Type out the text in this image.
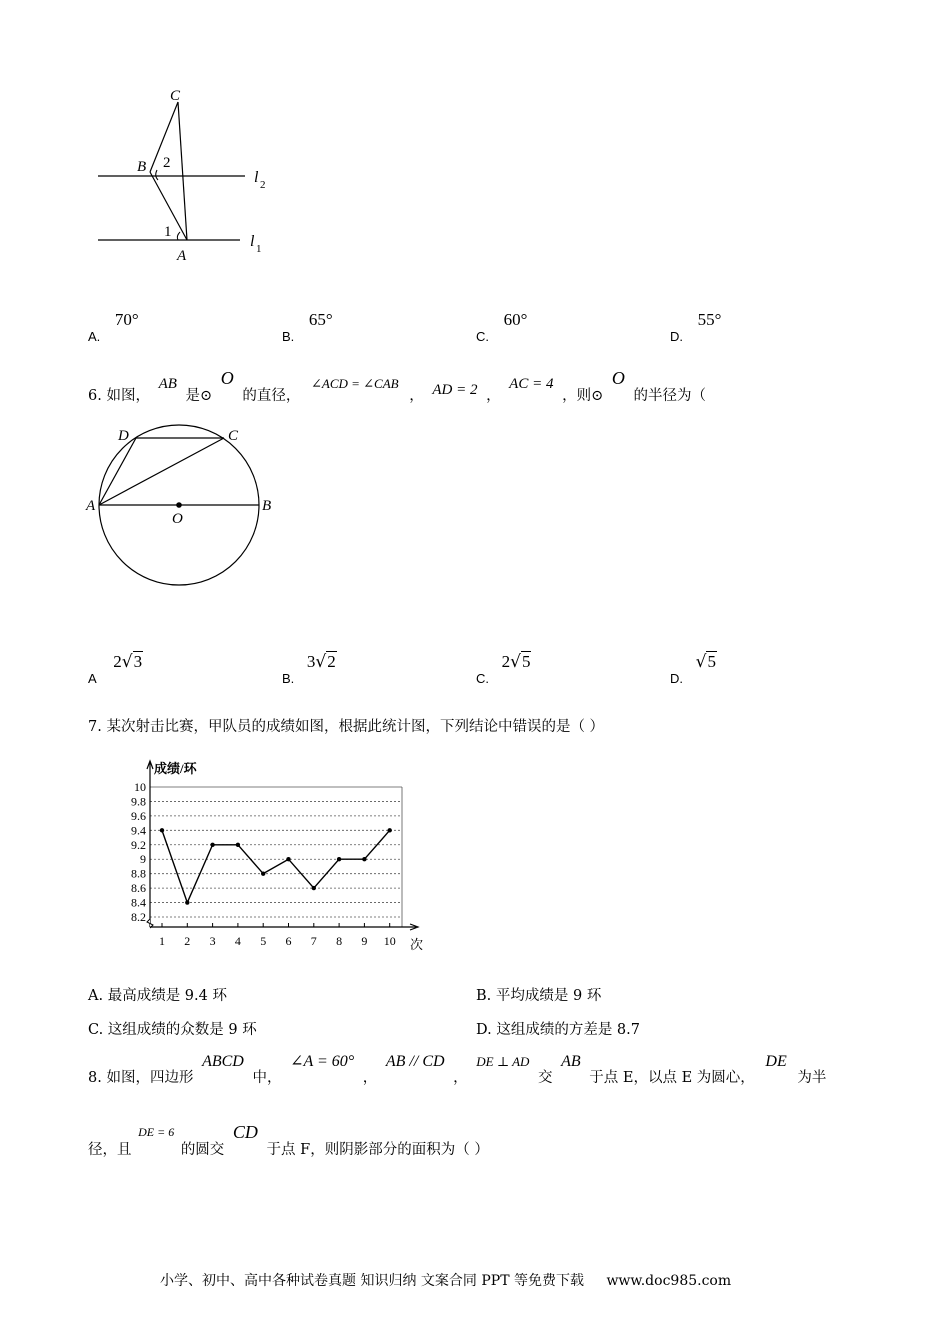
C
B 2
1
A
l 2
l 1
A. 70°
B. 65°
C. 60°
D. 55°
6. 如图， AB 是⊙ O 的直径， ∠ACD = ∠CAB ， AD = 2 ， AC = 4 ，则⊙ O 的半径为（
D	C
A	B
O
A 2√3
B. 3√2
C. 2√5
D. √5
7. 某次射击比赛，甲队员的成绩如图，根据此统计图，下列结论中错误的是（ ）
8.2
8.4
8.6
8.8
9
9.2
9.4
9.6
9.8
10
成绩/环
次
1 2 3 4 5 6 7 8 9 10
A. 最高成绩是 9.4 环	B. 平均成绩是 9 环
C. 这组成绩的众数是 9 环	D. 这组成绩的方差是 8.7
8. 如图，四边形 ABCD 中， ∠A = 60° ， AB // CD ， DE ⊥ AD 交 AB 于点 E，以点 E 为圆心， DE 为半
径，且 DE = 6 的圆交 CD 于点 F，则阴影部分的面积为（ ）
小学、初中、高中各种试卷真题 知识归纳 文案合同 PPT 等免费下载 www.doc985.com
